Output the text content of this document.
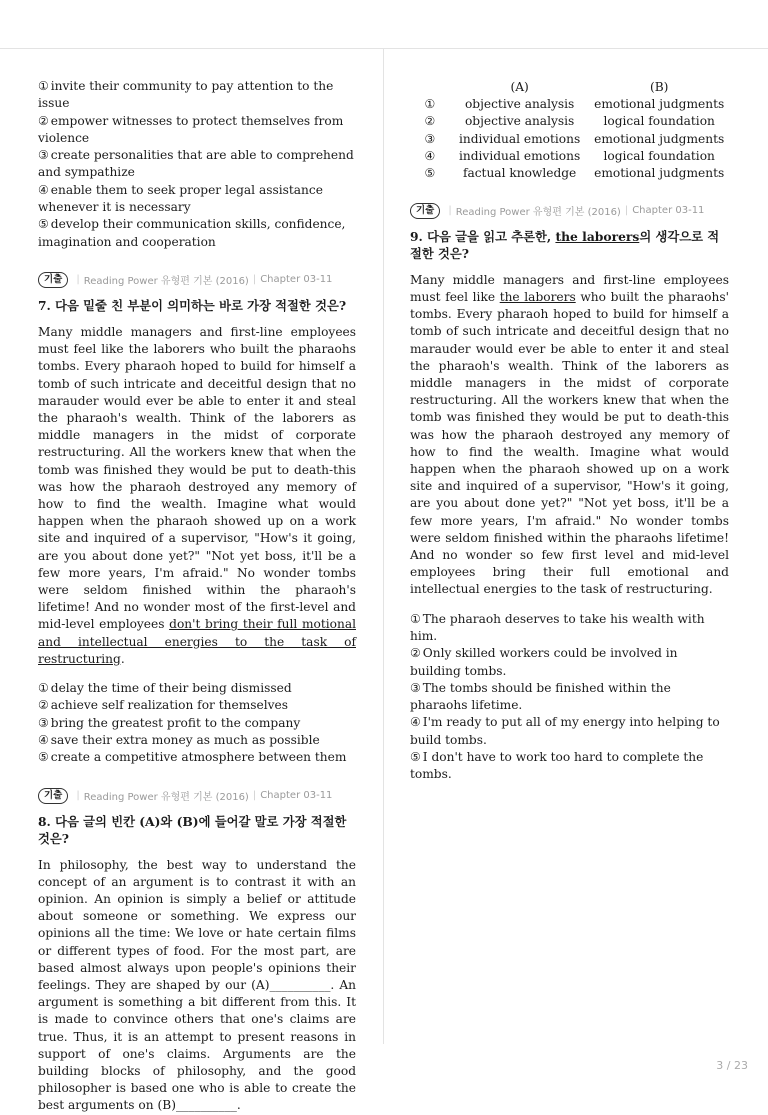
① invite their community to pay attention to the issue

② empower witnesses to protect themselves from violence

③ create personalities that are able to comprehend and sympathize

④ enable them to seek proper legal assistance whenever it is necessary

⑤ develop their communication skills, confidence, imagination and cooperation

기출	| Reading Power 유형편 기본 (2016) | Chapter 03-11

7. 다음 밑줄 친 부분이 의미하는 바로 가장 적절한 것은?

Many middle managers and first-line employees must feel like the laborers who built the pharaohs tombs. Every pharaoh hoped to build for himself a tomb of such intricate and deceitful design that no marauder would ever be able to enter it and steal the pharaoh's wealth. Think of the laborers as middle managers in the midst of corporate restructuring. All the workers knew that when the tomb was finished they would be put to death-this was how the pharaoh destroyed any memory of how to find the wealth. Imagine what would happen when the pharaoh showed up on a work site and inquired of a supervisor, "How's it going, are you about done yet?" "Not yet boss, it'll be a few more years, I'm afraid." No wonder tombs were seldom finished within the pharaoh's lifetime! And no wonder most of the first-level and mid-level employees don't bring their full motional and intellectual energies to the task of restructuring.

① delay the time of their being dismissed

② achieve self realization for themselves

③ bring the greatest profit to the company

④ save their extra money as much as possible

⑤ create a competitive atmosphere between them

기출	| Reading Power 유형편 기본 (2016) | Chapter 03-11

8. 다음 글의 빈칸 (A)와 (B)에 들어갈 말로 가장 적절한 것은?

In philosophy, the best way to understand the concept of an argument is to contrast it with an opinion. An opinion is simply a belief or attitude about someone or something. We express our opinions all the time: We love or hate certain films or different types of food. For the most part, are based almost always upon people's opinions their feelings. They are shaped by our (A)__________. An argument is something a bit different from this. It is made to convince others that one's claims are true. Thus, it is an attempt to present reasons in support of one's claims. Arguments are the building blocks of philosophy, and the good philosopher is based one who is able to create the best arguments on (B)__________.

	(A)	(B)
①	objective analysis	emotional judgments
②	objective analysis	logical foundation
③	individual emotions	emotional judgments
④	individual emotions	logical foundation
⑤	factual knowledge	emotional judgments
기출	| Reading Power 유형편 기본 (2016) | Chapter 03-11

9. 다음 글을 읽고 추론한, the laborers의 생각으로 적절한 것은?

Many middle managers and first-line employees must feel like the laborers who built the pharaohs' tombs. Every pharaoh hoped to build for himself a tomb of such intricate and deceitful design that no marauder would ever be able to enter it and steal the pharaoh's wealth. Think of the laborers as middle managers in the midst of corporate restructuring. All the workers knew that when the tomb was finished they would be put to death-this was how the pharaoh destroyed any memory of how to find the wealth. Imagine what would happen when the pharaoh showed up on a work site and inquired of a supervisor, "How's it going, are you about done yet?" "Not yet boss, it'll be a few more years, I'm afraid." No wonder tombs were seldom finished within the pharaohs lifetime! And no wonder so few first level and mid-level employees bring their full emotional and intellectual energies to the task of restructuring.

① The pharaoh deserves to take his wealth with him.

② Only skilled workers could be involved in building tombs.

③ The tombs should be finished within the pharaohs lifetime.

④ I'm ready to put all of my energy into helping to build tombs.

⑤ I don't have to work too hard to complete the tombs.

3 / 23
